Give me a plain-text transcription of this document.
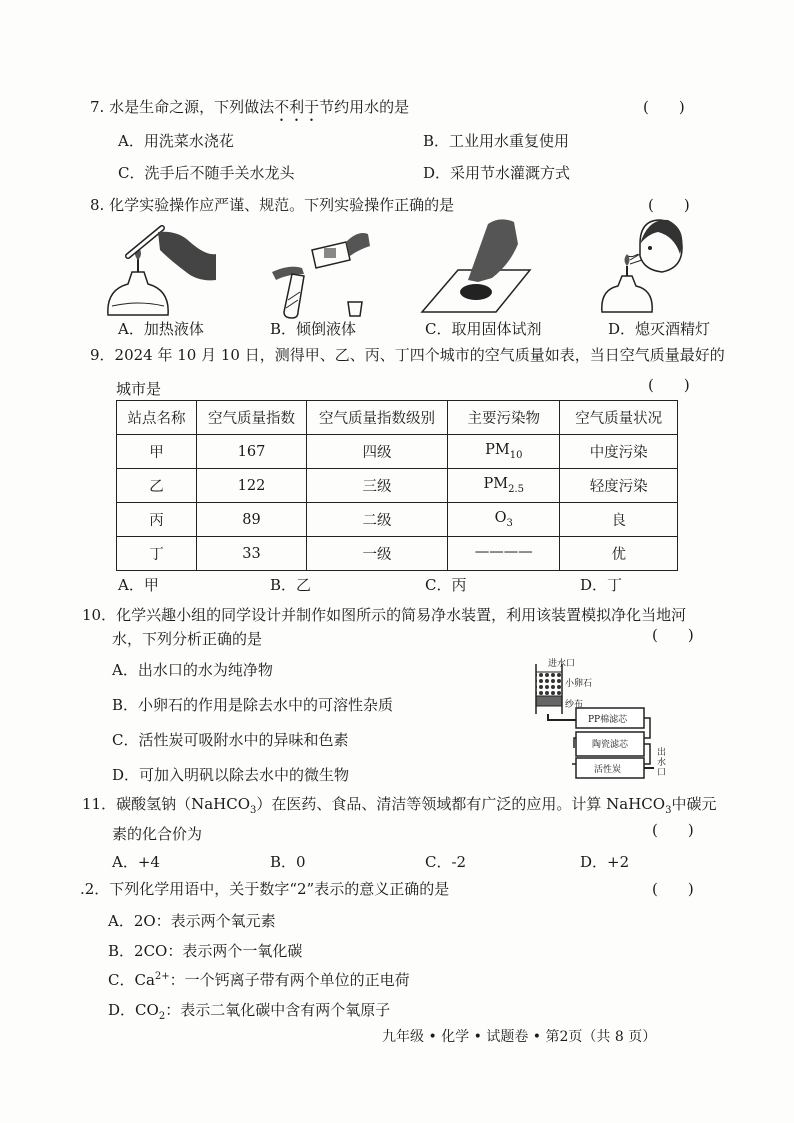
7. 水是生命之源，下列做法不利于节约用水的是	(　　)
A．用洗菜水浇花	B．工业用水重复使用
C．洗手后不随手关水龙头	D．采用节水灌溉方式
8. 化学实验操作应严谨、规范。下列实验操作正确的是	(　　)
A．加热液体	B．倾倒液体	C．取用固体试剂	D．熄灭酒精灯
9．2024 年 10 月 10 日，测得甲、乙、丙、丁四个城市的空气质量如表，当日空气质量最好的
城市是	(　　)
站点名称	空气质量指数	空气质量指数级别	主要污染物	空气质量状况
甲	167	四级	$PM_{10}$	中度污染
乙	122	三级	$PM_{2.5}$	轻度污染
丙	89	二级	$O_3$	良
丁	33	一级	————	优
A．甲	B．乙	C．丙	D．丁
10．化学兴趣小组的同学设计并制作如图所示的简易净水装置，利用该装置模拟净化当地河
水，下列分析正确的是	(　　)
A．出水口的水为纯净物
B．小卵石的作用是除去水中的可溶性杂质
C．活性炭可吸附水中的异味和色素
D．可加入明矾以除去水中的微生物
进水口
小卵石
纱布
PP棉滤芯
陶瓷滤芯
活性炭
出水口
11．碳酸氢钠（NaHCO$_3$）在医药、食品、清洁等领域都有广泛的应用。计算 NaHCO$_3$中碳元
素的化合价为	(　　)
A．+4	B．0	C．-2	D．+2
.2．下列化学用语中，关于数字“2”表示的意义正确的是	(　　)
A．2O：表示两个氧元素
B．2CO：表示两个一氧化碳
C．$Ca^{2+}$：一个钙离子带有两个单位的正电荷
D．$CO_2$：表示二氧化碳中含有两个氧原子
九年级 • 化学 • 试题卷 • 第2页（共 8 页）
